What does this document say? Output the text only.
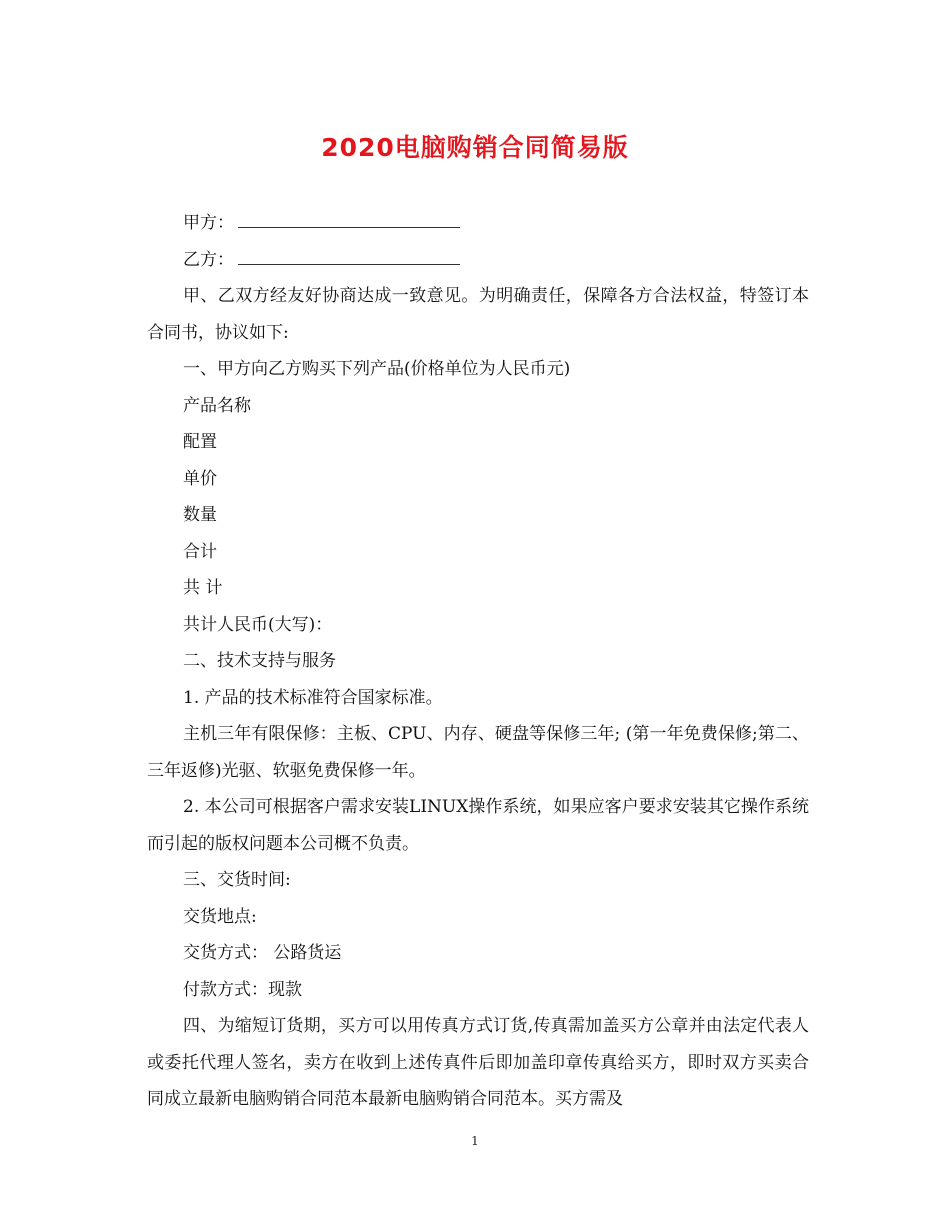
2020电脑购销合同简易版

甲方：

乙方：

甲、乙双方经友好协商达成一致意见。为明确责任，保障各方合法权益，特签订本合同书，协议如下:

一、甲方向乙方购买下列产品(价格单位为人民币元)

产品名称

配置

单价

数量

合计

共 计

共计人民币(大写)：

二、技术支持与服务

1. 产品的技术标准符合国家标准。

主机三年有限保修：主板、CPU、内存、硬盘等保修三年; (第一年免费保修;第二、三年返修)光驱、软驱免费保修一年。

2. 本公司可根据客户需求安装LINUX操作系统，如果应客户要求安装其它操作系统而引起的版权问题本公司概不负责。

三、交货时间:

交货地点:

交货方式： 公路货运

付款方式：现款

四、为缩短订货期，买方可以用传真方式订货,传真需加盖买方公章并由法定代表人或委托代理人签名，卖方在收到上述传真件后即加盖印章传真给买方，即时双方买卖合同成立最新电脑购销合同范本最新电脑购销合同范本。买方需及

1
